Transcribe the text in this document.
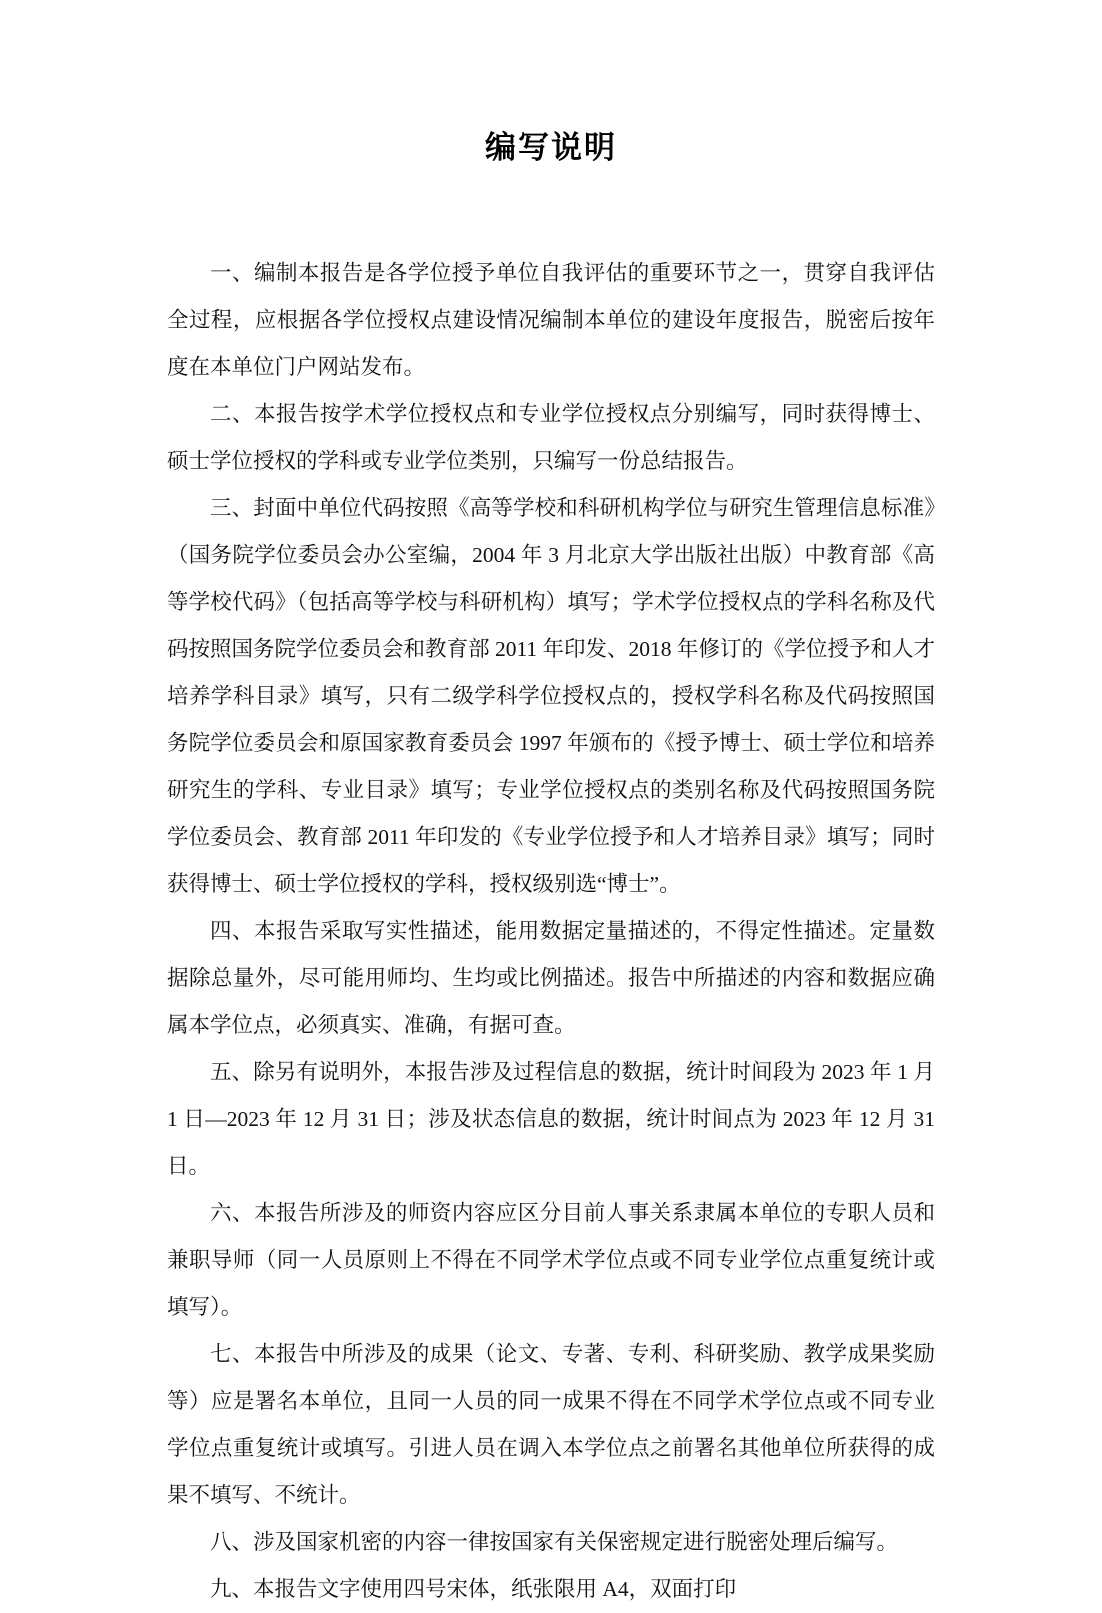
编写说明

一、编制本报告是各学位授予单位自我评估的重要环节之一，贯穿自我评估全过程，应根据各学位授权点建设情况编制本单位的建设年度报告，脱密后按年度在本单位门户网站发布。

二、本报告按学术学位授权点和专业学位授权点分别编写，同时获得博士、硕士学位授权的学科或专业学位类别，只编写一份总结报告。

三、封面中单位代码按照《高等学校和科研机构学位与研究生管理信息标准》（国务院学位委员会办公室编，2004 年 3 月北京大学出版社出版）中教育部《高等学校代码》（包括高等学校与科研机构）填写；学术学位授权点的学科名称及代码按照国务院学位委员会和教育部 2011 年印发、2018 年修订的《学位授予和人才培养学科目录》填写，只有二级学科学位授权点的，授权学科名称及代码按照国务院学位委员会和原国家教育委员会 1997 年颁布的《授予博士、硕士学位和培养研究生的学科、专业目录》填写；专业学位授权点的类别名称及代码按照国务院学位委员会、教育部 2011 年印发的《专业学位授予和人才培养目录》填写；同时获得博士、硕士学位授权的学科，授权级别选“博士”。

四、本报告采取写实性描述，能用数据定量描述的，不得定性描述。定量数据除总量外，尽可能用师均、生均或比例描述。报告中所描述的内容和数据应确属本学位点，必须真实、准确，有据可查。

五、除另有说明外，本报告涉及过程信息的数据，统计时间段为 2023 年 1 月 1 日—2023 年 12 月 31 日；涉及状态信息的数据，统计时间点为 2023 年 12 月 31 日。

六、本报告所涉及的师资内容应区分目前人事关系隶属本单位的专职人员和兼职导师（同一人员原则上不得在不同学术学位点或不同专业学位点重复统计或填写）。

七、本报告中所涉及的成果（论文、专著、专利、科研奖励、教学成果奖励等）应是署名本单位，且同一人员的同一成果不得在不同学术学位点或不同专业学位点重复统计或填写。引进人员在调入本学位点之前署名其他单位所获得的成果不填写、不统计。

八、涉及国家机密的内容一律按国家有关保密规定进行脱密处理后编写。

九、本报告文字使用四号宋体，纸张限用 A4，双面打印
